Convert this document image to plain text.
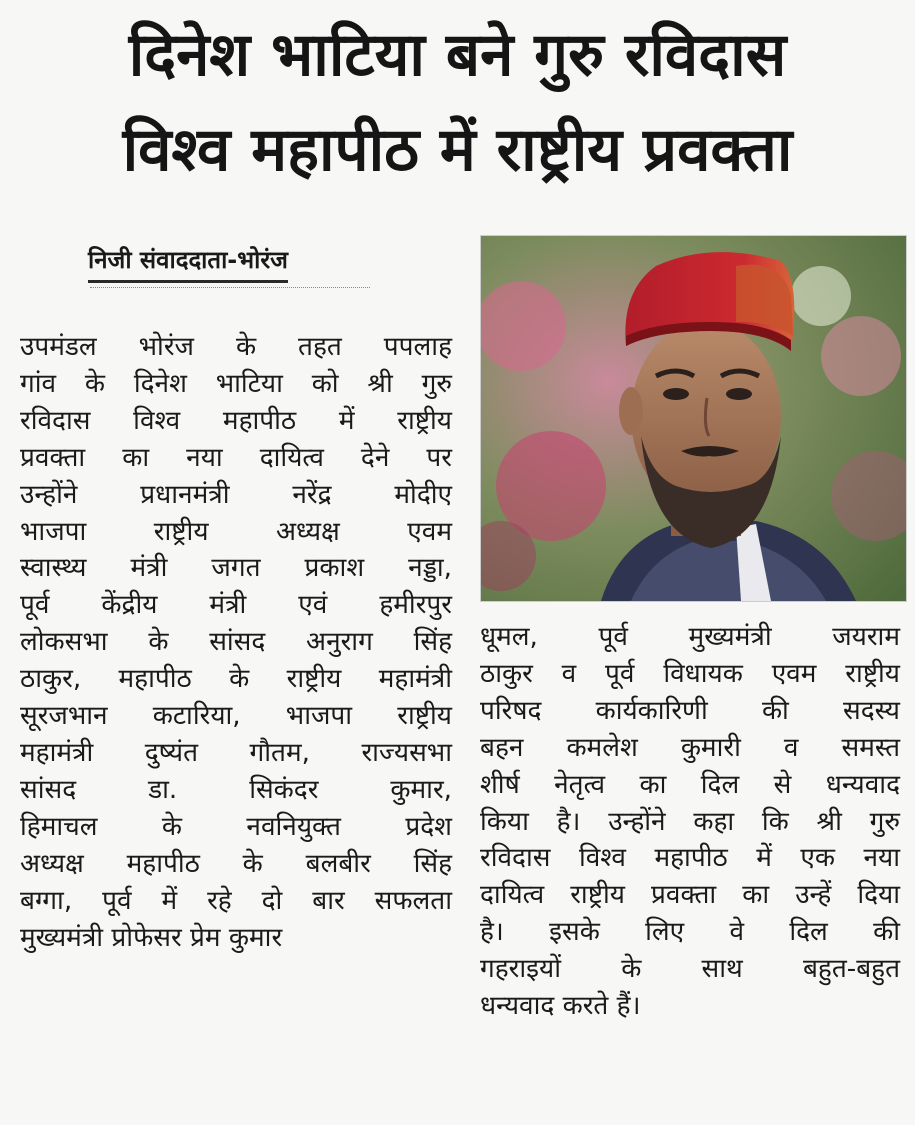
दिनेश भाटिया बने गुरु रविदास
विश्व महापीठ में राष्ट्रीय प्रवक्ता
निजी संवाददाता-भोरंज
उपमंडल भोरंज के तहत पपलाह
गांव के दिनेश भाटिया को श्री गुरु
रविदास विश्व महापीठ में राष्ट्रीय
प्रवक्ता का नया दायित्व देने पर
उन्होंने प्रधानमंत्री नरेंद्र मोदीए
भाजपा राष्ट्रीय अध्यक्ष एवम
स्वास्थ्य मंत्री जगत प्रकाश नड्डा,
पूर्व केंद्रीय मंत्री एवं हमीरपुर
लोकसभा के सांसद अनुराग सिंह
ठाकुर, महापीठ के राष्ट्रीय महामंत्री
सूरजभान कटारिया, भाजपा राष्ट्रीय
महामंत्री दुष्यंत गौतम, राज्यसभा
सांसद डा. सिकंदर कुमार,
हिमाचल के नवनियुक्त प्रदेश
अध्यक्ष महापीठ के बलबीर सिंह
बग्गा, पूर्व में रहे दो बार सफलता
मुख्यमंत्री प्रोफेसर प्रेम कुमार
धूमल, पूर्व मुख्यमंत्री जयराम
ठाकुर व पूर्व विधायक एवम राष्ट्रीय
परिषद कार्यकारिणी की सदस्य
बहन कमलेश कुमारी व समस्त
शीर्ष नेतृत्व का दिल से धन्यवाद
किया है। उन्होंने कहा कि श्री गुरु
रविदास विश्व महापीठ में एक नया
दायित्व राष्ट्रीय प्रवक्ता का उन्हें दिया
है। इसके लिए वे दिल की
गहराइयों के साथ बहुत-बहुत
धन्यवाद करते हैं।
